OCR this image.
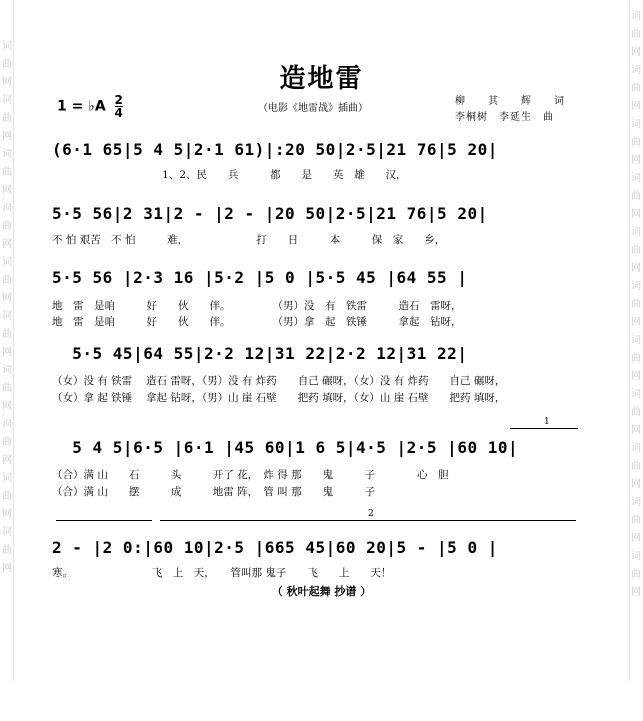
词
曲
网
词
曲
网
词
曲
网
词
曲
网
词
曲
网
词
曲
网
词
曲
网
词
曲
网
词
曲
网
词
曲
网
词
曲
网
词
曲
网
词
曲
网
词
曲
网
词
曲
网
词
曲
网
词
曲
网
词
曲
网
词
曲
网
词
曲
网
词
曲
网
造地雷
1 = ♭A $\frac{2}{4}$	（电影《地雷战》插曲）
柳　　其　　辉　　词
李桐树　李延生　曲
(6·1 65|5 4 5|2·1 61)|:20 50|2·5|21 76|5 20|
1、2、民　　兵　　　都　　是　　英　雄　　汉，
5·5 56|2 31|2 - |2 - |20 50|2·5|21 76|5 20|
不 怕 艰苦　不 怕　　　难，　　　　　　　打　　日　　　本　　　保　家　　乡，
5·5 56 |2·3 16 |5·2 |5 0 |5·5 45 |64 55 |
地　雷　是咱　　　好　　伙　　伴。　　　　　（男）没　有　铁雷　　　造石　雷呀，
地　雷　是咱　　　好　　伙　　伴。　　　　　（男）拿　起　铁锤　　　拿起　钻呀，
5·5 45|64 55|2·2 12|31 22|2·2 12|31 22|
（女）没 有 铁雷　 造石 雷呀，（男）没 有 炸药　　自己 碾呀，（女）没 有 炸药　　自己 碾呀，
（女）拿 起 铁锤　 拿起 钻呀，（男）山 崖 石壁　　把药 填呀，（女）山 崖 石壁　　把药 填呀，
1
5 4 5|6·5 |6·1 |45 60|1 6 5|4·5 |2·5 |60 10|
（合）满 山　　石　　　头　　　开了 花，　炸 得 那　　鬼　　　子　　　　心　胆
（合）满 山　　摆　　　成　　　地雷 阵，　管 叫 那　　鬼　　　子
2
2 - |2 0:|60 10|2·5 |665 45|60 20|5 - |5 0 |
寒。　　　　　　　　飞　上　天，　　管叫那 鬼子　　飞　　上　　天！
（ 秋叶起舞 抄谱 ）
